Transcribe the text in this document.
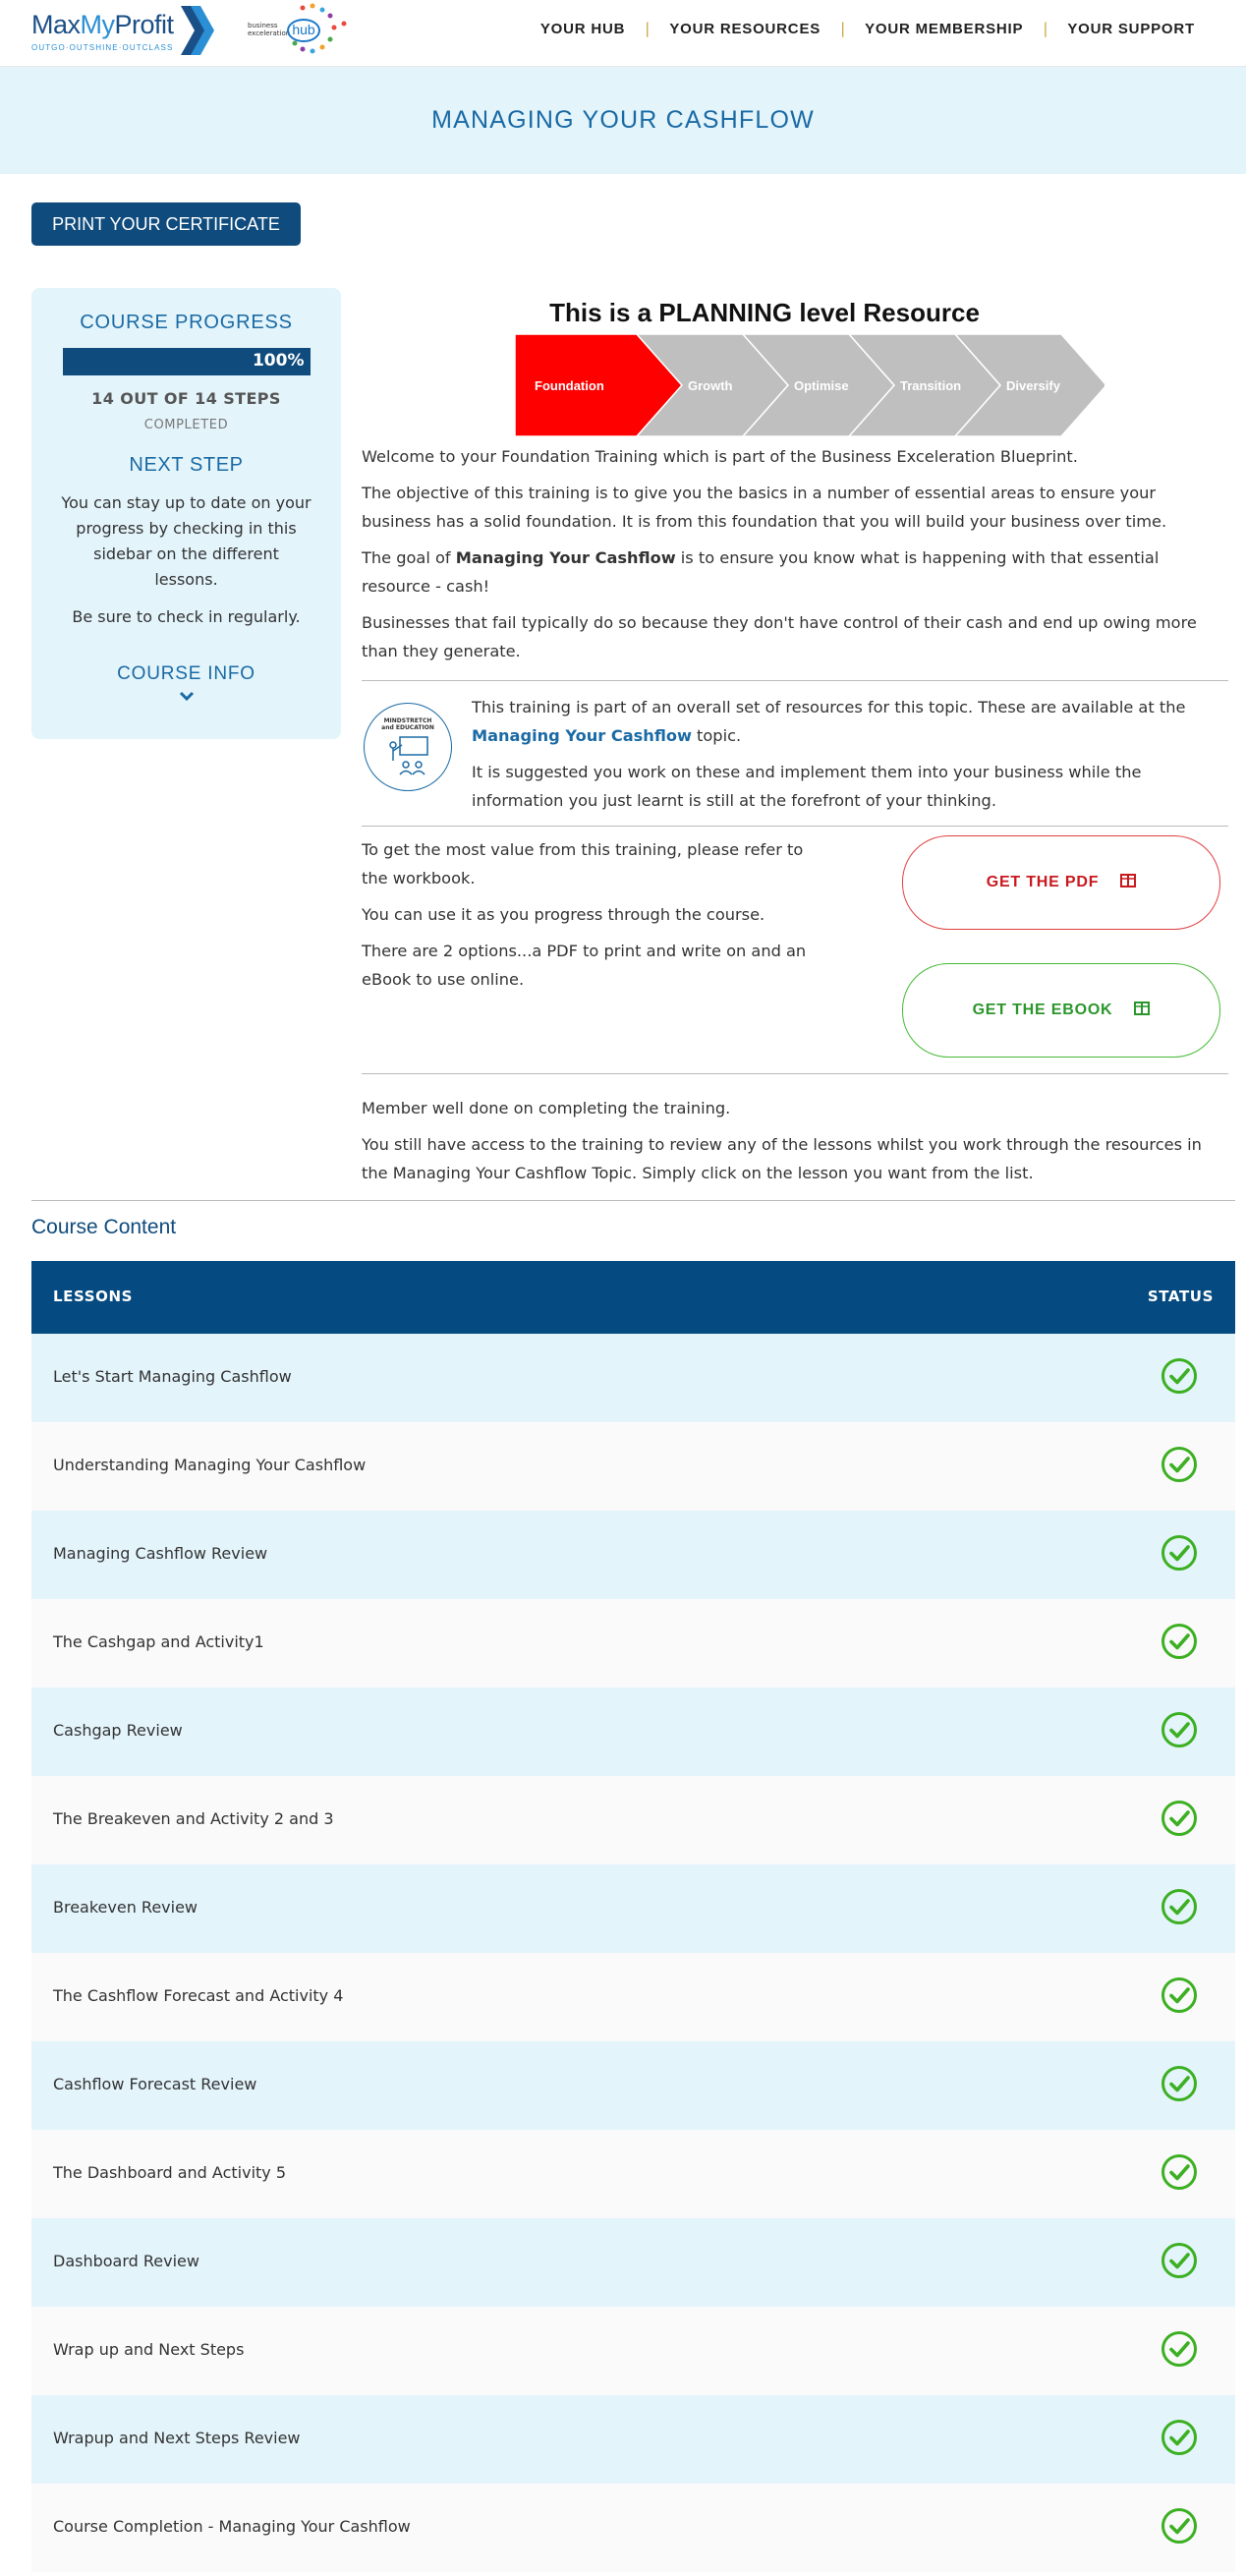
MaxMyProfit
OUTGO·OUTSHINE·OUTCLASS
business
exceleration hub	YOUR HUB	|	YOUR RESOURCES	|	YOUR MEMBERSHIP	|	YOUR SUPPORT
MANAGING YOUR CASHFLOW
PRINT YOUR CERTIFICATE
COURSE PROGRESS
100%
14 OUT OF 14 STEPS
COMPLETED
NEXT STEP
You can stay up to date on your progress by checking in this sidebar on the different lessons.
Be sure to check in regularly.
COURSE INFO
This is a PLANNING level Resource
Foundation	Growth	Optimise	Transition	Diversify

Welcome to your Foundation Training which is part of the Business Exceleration Blueprint.

The objective of this training is to give you the basics in a number of essential areas to ensure your business has a solid foundation. It is from this foundation that you will build your business over time.

The goal of Managing Your Cashflow is to ensure you know what is happening with that essential resource - cash!

Businesses that fail typically do so because they don't have control of their cash and end up owing more than they generate.

MINDSTRETCH
and EDUCATION

This training is part of an overall set of resources for this topic. These are available at the Managing Your Cashflow topic.

It is suggested you work on these and implement them into your business while the information you just learnt is still at the forefront of your thinking.

To get the most value from this training, please refer to the workbook.

You can use it as you progress through the course.

There are 2 options...a PDF to print and write on and an eBook to use online.

GET THE PDF
GET THE EBOOK

Member well done on completing the training.

You still have access to the training to review any of the lessons whilst you work through the resources in the Managing Your Cashflow Topic. Simply click on the lesson you want from the list.

Course Content
LESSONS	STATUS
Let's Start Managing Cashflow
Understanding Managing Your Cashflow
Managing Cashflow Review
The Cashgap and Activity1
Cashgap Review
The Breakeven and Activity 2 and 3
Breakeven Review
The Cashflow Forecast and Activity 4
Cashflow Forecast Review
The Dashboard and Activity 5
Dashboard Review
Wrap up and Next Steps
Wrapup and Next Steps Review
Course Completion - Managing Your Cashflow
